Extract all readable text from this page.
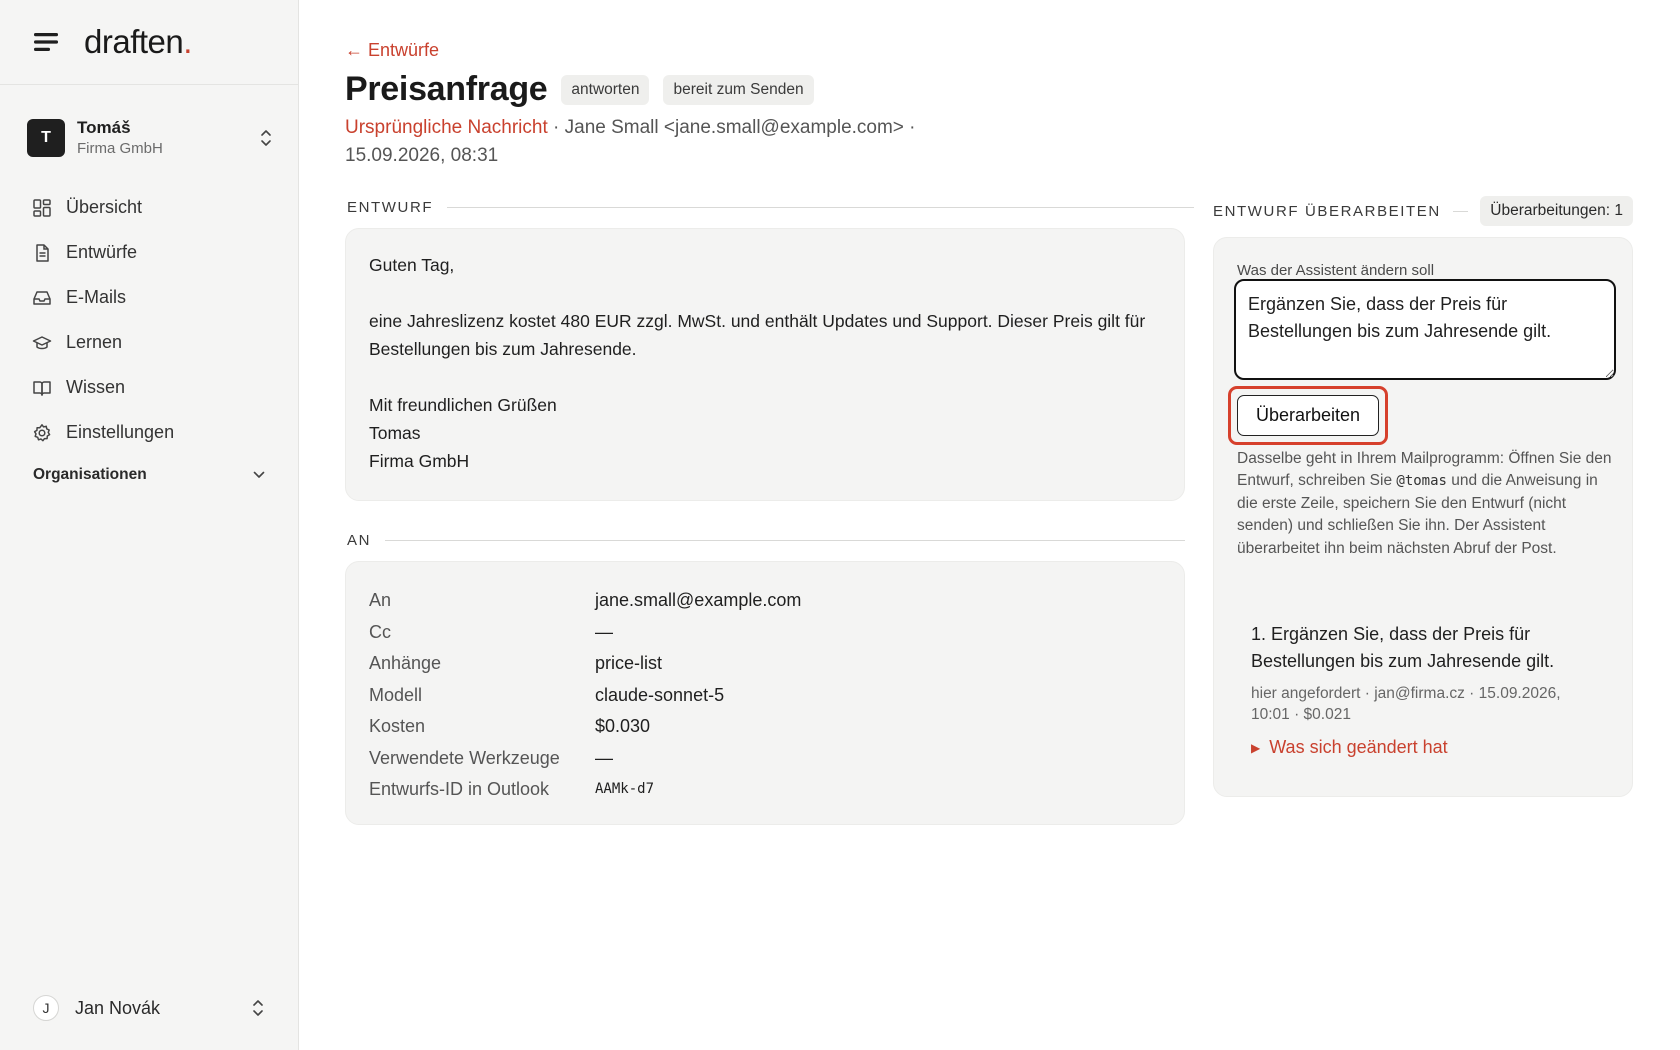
draften .
T
Tomáš
Firma GmbH
Übersicht
Entwürfe
E-Mails
Lernen
Wissen
Einstellungen
Organisationen
J	Jan Novák
← Entwürfe
Preisanfrage	antworten	bereit zum Senden
Ursprüngliche Nachricht · Jane Small <jane.small@example.com> · 15.09.2026, 08:31
ENTWURF

Guten Tag,

eine Jahreslizenz kostet 480 EUR zzgl. MwSt. und enthält Updates und Support. Dieser Preis gilt für Bestellungen bis zum Jahresende.

Mit freundlichen Grüßen
Tomas
Firma GmbH

AN
An	jane.small@example.com
Cc	—
Anhänge	price-list
Modell	claude-sonnet-5
Kosten	$0.030
Verwendete Werkzeuge	—
Entwurfs-ID in Outlook	AAMk-d7
ENTWURF ÜBERARBEITEN	Überarbeitungen: 1
Was der Assistent ändern soll
Ergänzen Sie, dass der Preis für Bestellungen bis zum Jahresende gilt.
Überarbeiten
Dasselbe geht in Ihrem Mailprogramm: Öffnen Sie den Entwurf, schreiben Sie @tomas und die Anweisung in die erste Zeile, speichern Sie den Entwurf (nicht senden) und schließen Sie ihn. Der Assistent überarbeitet ihn beim nächsten Abruf der Post.
1. Ergänzen Sie, dass der Preis für Bestellungen bis zum Jahresende gilt.
hier angefordert · jan@firma.cz · 15.09.2026, 10:01 · $0.021
▶ Was sich geändert hat
